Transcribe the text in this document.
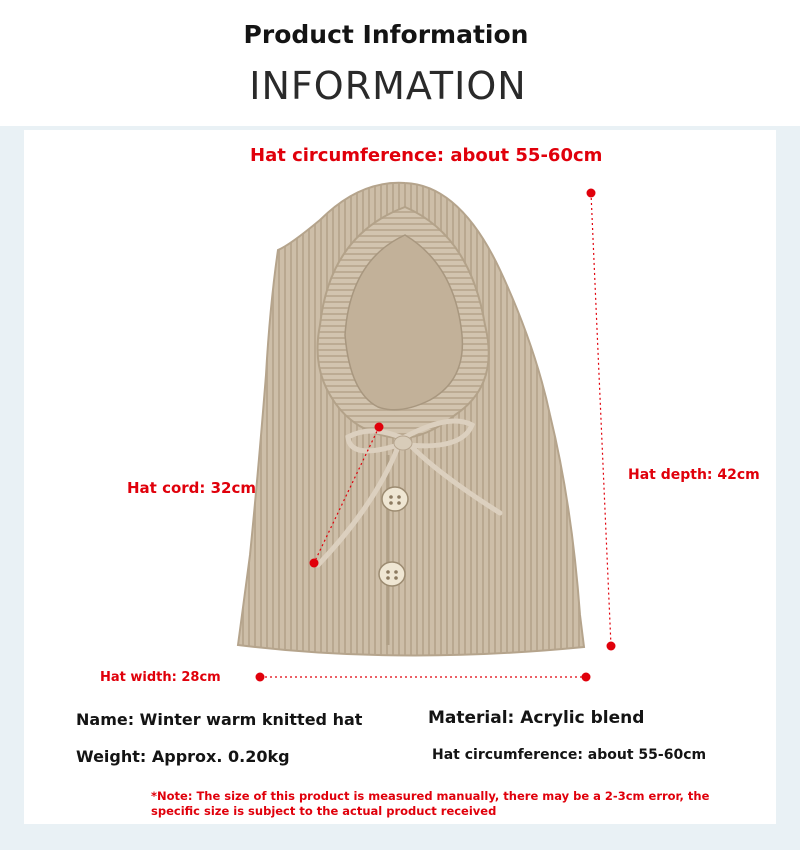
Product Information
INFORMATION
Hat circumference: about 55-60cm
Hat cord: 32cm
Hat depth: 42cm
Hat width: 28cm
Name: Winter warm knitted hat	Material: Acrylic blend
Weight: Approx. 0.20kg	Hat circumference: about 55-60cm
*Note: The size of this product is measured manually, there may be a 2-3cm error, the specific size is subject to the actual product received
